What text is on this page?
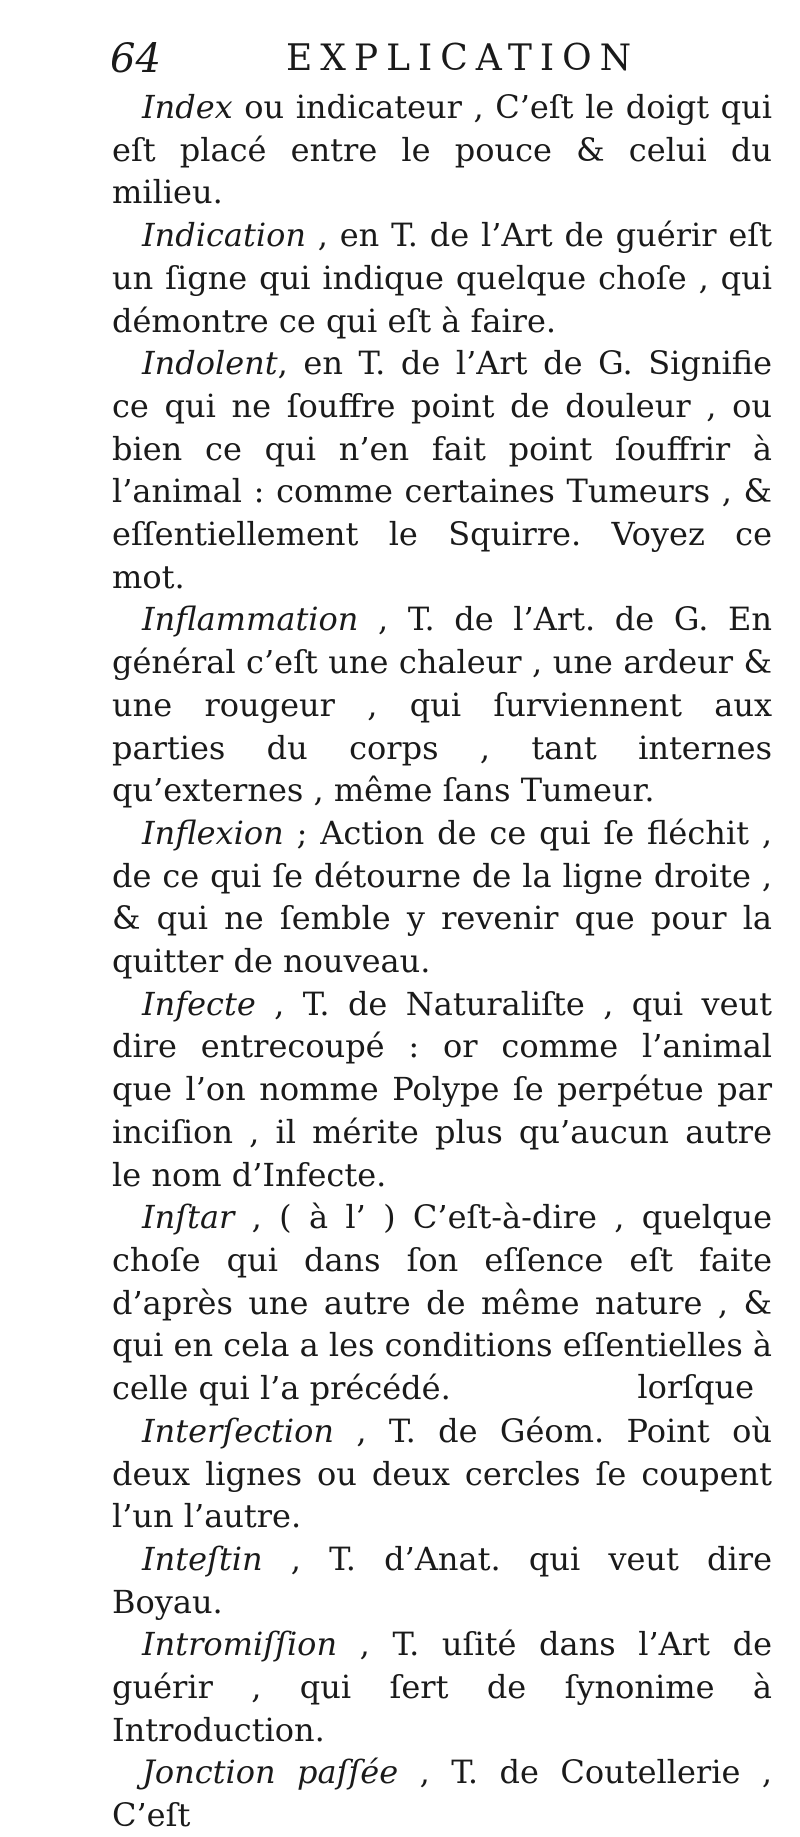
64	EXPLICATION

Index ou indicateur , C’eſt le doigt qui eſt placé entre le pouce & celui du milieu.

Indication , en T. de l’Art de guérir eſt un ſigne qui indique quelque choſe , qui démontre ce qui eſt à faire.

Indolent, en T. de l’Art de G. Signifie ce qui ne ſouffre point de douleur , ou bien ce qui n’en fait point ſouffrir à l’animal : comme certaines Tumeurs , & eſſentiellement le Squirre. Voyez ce mot.

Inflammation , T. de l’Art. de G. En général c’eſt une chaleur , une ardeur & une rougeur , qui ſurviennent aux parties du corps , tant internes qu’externes , même ſans Tumeur.

Inflexion ; Action de ce qui ſe fléchit , de ce qui ſe détourne de la ligne droite , & qui ne ſemble y revenir que pour la quitter de nouveau.

Infecte , T. de Naturaliſte , qui veut dire entrecoupé : or comme l’animal que l’on nomme Polype ſe perpétue par inciſion , il mérite plus qu’aucun autre le nom d’Infecte.

Inſtar , ( à l’ ) C’eſt-à-dire , quelque choſe qui dans ſon eſſence eſt faite d’après une autre de même nature , & qui en cela a les conditions eſſentielles à celle qui l’a précédé.

Interſection , T. de Géom. Point où deux lignes ou deux cercles ſe coupent l’un l’autre.

Inteſtin , T. d’Anat. qui veut dire Boyau.

Intromiſſion , T. uſité dans l’Art de guérir , qui ſert de ſynonime à Introduction.

Jonction paſſée , T. de Coutellerie , C’eſt

lorſque
